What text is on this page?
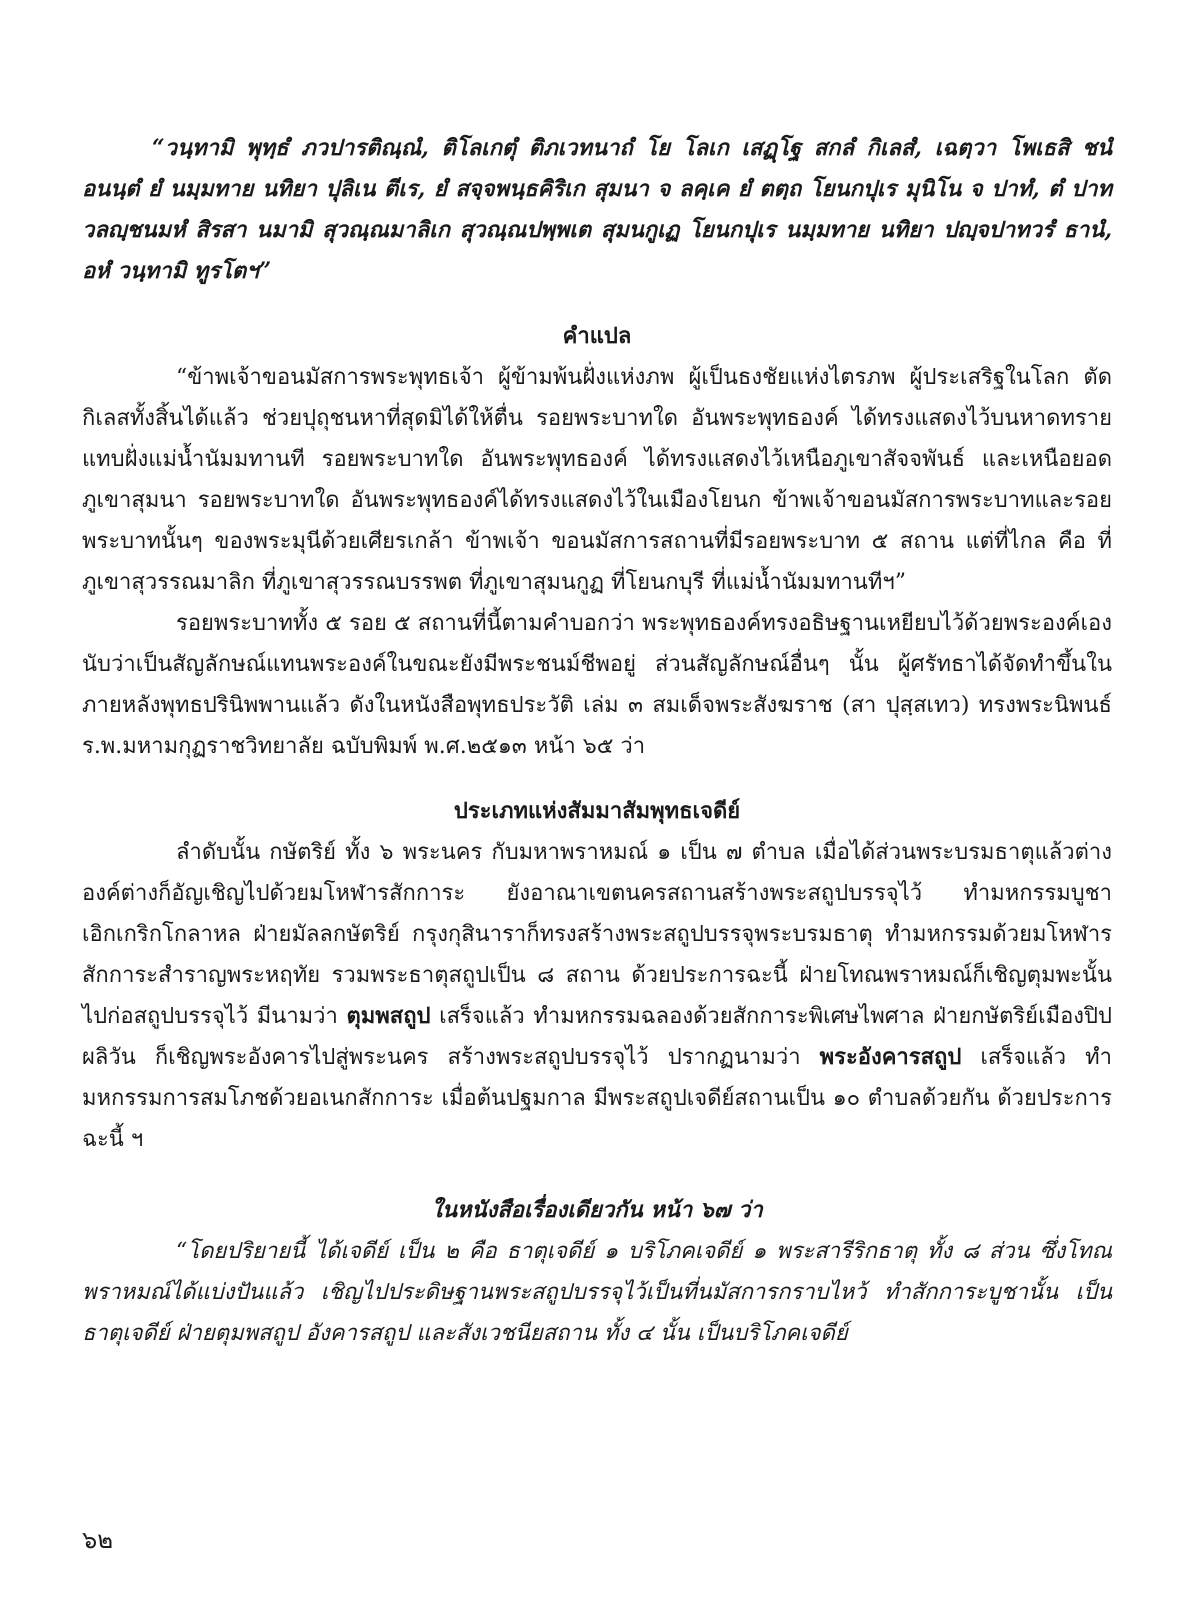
“วนฺทามิ พุทฺธํ ภวปารติณฺณํ, ติโลเกตุํ ติภเวทนาถํ โย โลเก เสฏฺโฐ สกลํ กิเลสํ, เฉตฺวา โพเธสิ ชนํ อนนฺตํ ยํ นมฺมทาย นทิยา ปุลิเน ตีเร, ยํ สจฺจพนฺธคิริเก สุมนา จ ลคฺเค ยํ ตตฺถ โยนกปุเร มุนิโน จ ปาทํ, ตํ ปาทวลญฺชนมหํ สิรสา นมามิ สุวณฺณมาลิเก สุวณฺณปพฺพเต สุมนกูเฏ โยนกปุเร นมฺมทาย นทิยา ปญฺจปาทวรํ ธานํ, อหํ วนฺทามิ ทูรโตฯ”

คำแปล

“ข้าพเจ้าขอนมัสการพระพุทธเจ้า ผู้ข้ามพ้นฝั่งแห่งภพ ผู้เป็นธงชัยแห่งไตรภพ ผู้ประเสริฐในโลก ตัดกิเลสทั้งสิ้นได้แล้ว ช่วยปุถุชนหาที่สุดมิได้ให้ตื่น รอยพระบาทใด อันพระพุทธองค์ ได้ทรงแสดงไว้บนหาดทรายแทบฝั่งแม่น้ำนัมมทานที รอยพระบาทใด อันพระพุทธองค์ ได้ทรงแสดงไว้เหนือภูเขาสัจจพันธ์ และเหนือยอดภูเขาสุมนา รอยพระบาทใด อันพระพุทธองค์ได้ทรงแสดงไว้ในเมืองโยนก ข้าพเจ้าขอนมัสการพระบาทและรอยพระบาทนั้นๆ ของพระมุนีด้วยเศียรเกล้า ข้าพเจ้า ขอนมัสการสถานที่มีรอยพระบาท ๕ สถาน แต่ที่ไกล คือ ที่ภูเขาสุวรรณมาลิก ที่ภูเขาสุวรรณบรรพต ที่ภูเขาสุมนกูฏ ที่โยนกบุรี ที่แม่น้ำนัมมทานทีฯ”

รอยพระบาททั้ง ๕ รอย ๕ สถานที่นี้ตามคำบอกว่า พระพุทธองค์ทรงอธิษฐานเหยียบไว้ด้วยพระองค์เอง นับว่าเป็นสัญลักษณ์แทนพระองค์ในขณะยังมีพระชนม์ชีพอยู่ ส่วนสัญลักษณ์อื่นๆ นั้น ผู้ศรัทธาได้จัดทำขึ้นในภายหลังพุทธปรินิพพานแล้ว ดังในหนังสือพุทธประวัติ เล่ม ๓ สมเด็จพระสังฆราช (สา ปุสฺสเทว) ทรงพระนิพนธ์ ร.พ.มหามกุฏราชวิทยาลัย ฉบับพิมพ์ พ.ศ.๒๕๑๓ หน้า ๖๕ ว่า

ประเภทแห่งสัมมาสัมพุทธเจดีย์

ลำดับนั้น กษัตริย์ ทั้ง ๖ พระนคร กับมหาพราหมณ์ ๑ เป็น ๗ ตำบล เมื่อได้ส่วนพระบรมธาตุแล้วต่างองค์ต่างก็อัญเชิญไปด้วยมโหฬารสักการะ ยังอาณาเขตนครสถานสร้างพระสถูปบรรจุไว้ ทำมหกรรมบูชาเอิกเกริกโกลาหล ฝ่ายมัลลกษัตริย์ กรุงกุสินาราก็ทรงสร้างพระสถูปบรรจุพระบรมธาตุ ทำมหกรรมด้วยมโหฬารสักการะสำราญพระหฤทัย รวมพระธาตุสถูปเป็น ๘ สถาน ด้วยประการฉะนี้ ฝ่ายโทณพราหมณ์ก็เชิญตุมพะนั้นไปก่อสถูปบรรจุไว้ มีนามว่า ตุมพสถูป เสร็จแล้ว ทำมหกรรมฉลองด้วยสักการะพิเศษไพศาล ฝ่ายกษัตริย์เมืองปิปผลิวัน ก็เชิญพระอังคารไปสู่พระนคร สร้างพระสถูปบรรจุไว้ ปรากฏนามว่า พระอังคารสถูป เสร็จแล้ว ทำมหกรรมการสมโภชด้วยอเนกสักการะ เมื่อต้นปฐมกาล มีพระสถูปเจดีย์สถานเป็น ๑๐ ตำบลด้วยกัน ด้วยประการฉะนี้ ฯ

ในหนังสือเรื่องเดียวกัน หน้า ๖๗ ว่า

“โดยปริยายนี้ ได้เจดีย์ เป็น ๒ คือ ธาตุเจดีย์ ๑ บริโภคเจดีย์ ๑ พระสารีริกธาตุ ทั้ง ๘ ส่วน ซึ่งโทณพราหมณ์ได้แบ่งปันแล้ว เชิญไปประดิษฐานพระสถูปบรรจุไว้เป็นที่นมัสการกราบไหว้ ทำสักการะบูชานั้น เป็นธาตุเจดีย์ ฝ่ายตุมพสถูป อังคารสถูป และสังเวชนียสถาน ทั้ง ๔ นั้น เป็นบริโภคเจดีย์

๖๒
